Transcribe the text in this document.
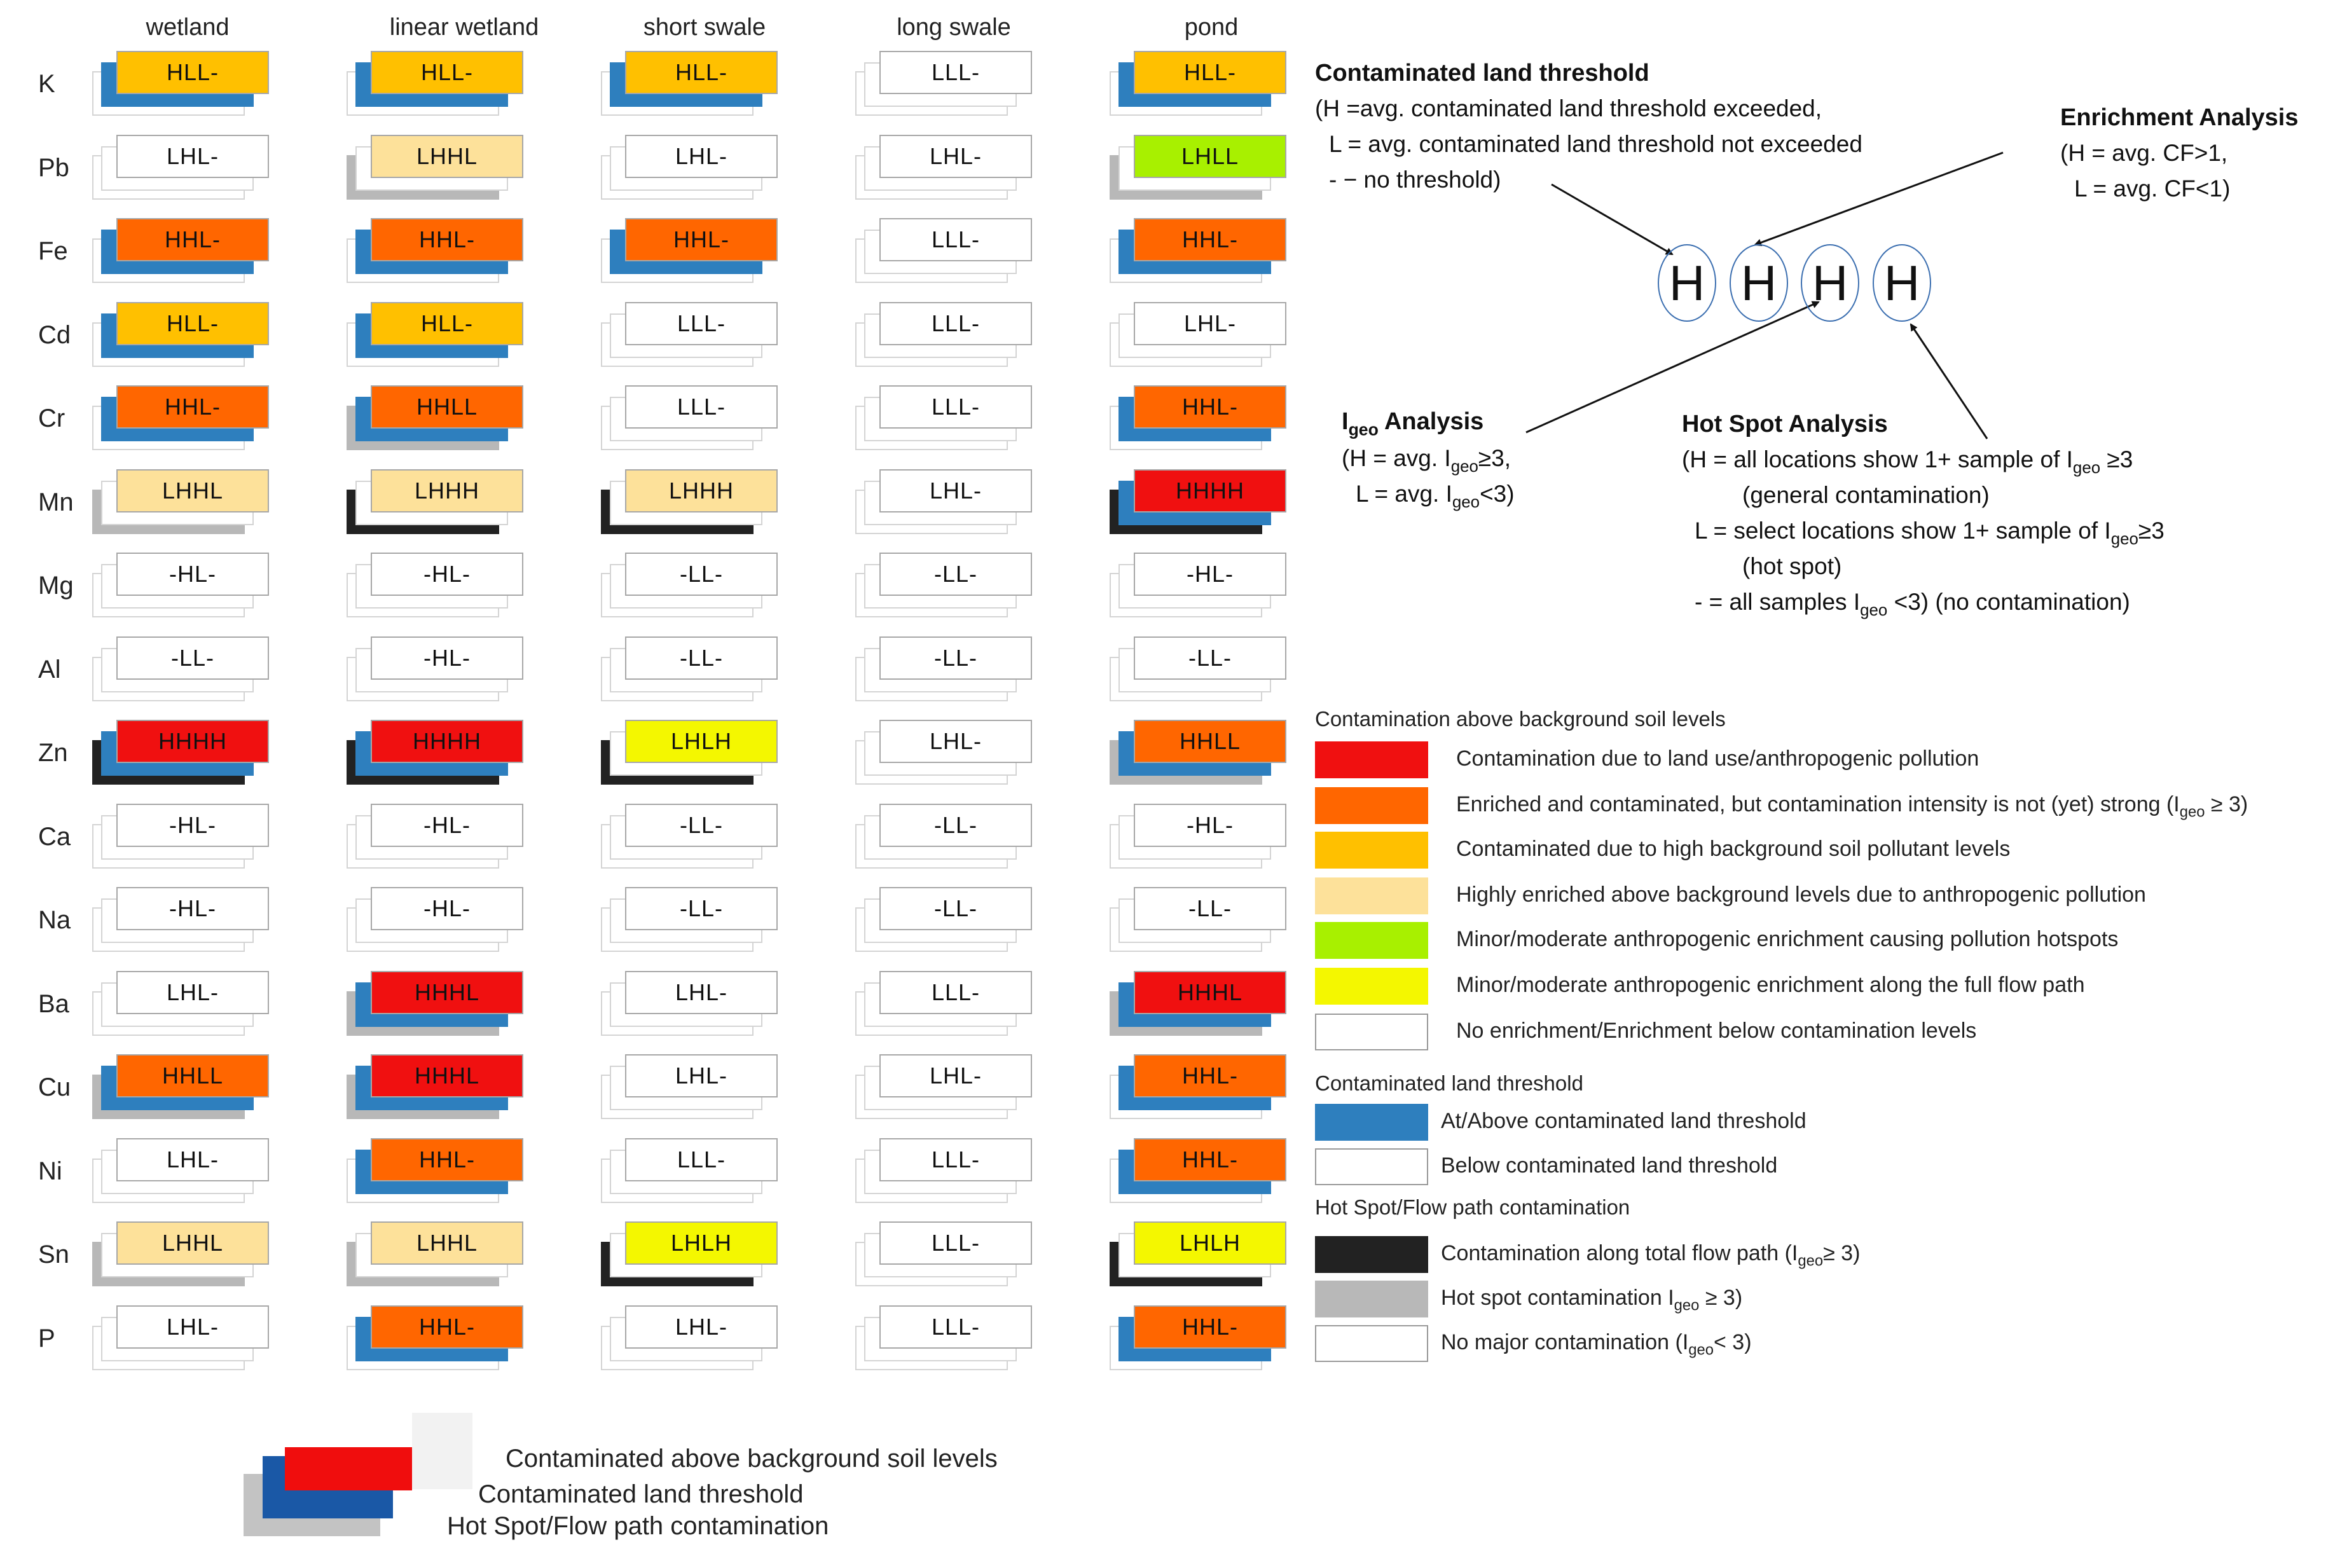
wetland	linear wetland	short swale	long swale	pond
K	HLL-	HLL-	HLL-	LLL-	HLL-
Pb	LHL-	LHHL	LHL-	LHL-	LHLL
Fe	HHL-	HHL-	HHL-	LLL-	HHL-
Cd	HLL-	HLL-	LLL-	LLL-	LHL-
Cr	HHL-	HHLL	LLL-	LLL-	HHL-
Mn	LHHL	LHHH	LHHH	LHL-	HHHH
Mg	-HL-	-HL-	-LL-	-LL-	-HL-
Al	-LL-	-HL-	-LL-	-LL-	-LL-
Zn	HHHH	HHHH	LHLH	LHL-	HHLL
Ca	-HL-	-HL-	-LL-	-LL-	-HL-
Na	-HL-	-HL-	-LL-	-LL-	-LL-
Ba	LHL-	HHHL	LHL-	LLL-	HHHL
Cu	HHLL	HHHL	LHL-	LHL-	HHL-
Ni	LHL-	HHL-	LLL-	LLL-	HHL-
Sn	LHHL	LHHL	LHLH	LLL-	LHLH
P	LHL-	HHL-	LHL-	LLL-	HHL-
H H H H
Contaminated land threshold
(H =avg. contaminated land threshold exceeded,
L = avg. contaminated land threshold not exceeded
- − no threshold)
Enrichment Analysis
(H = avg. CF>1,
L = avg. CF<1)
$I_{geo}$ Analysis
(H = avg. $I_{geo}\ge 3$,
L = avg. $I_{geo}<3$)
Hot Spot Analysis
(H = all locations show 1+ sample of $I_{geo} \ge 3$
(general contamination)
L = select locations show 1+ sample of $I_{geo}\ge 3$
(hot spot)
- = all samples $I_{geo} <3$) (no contamination)
Contamination above background soil levels
Contamination due to land use/anthropogenic pollution
Enriched and contaminated, but contamination intensity is not (yet) strong $(I_{geo} \ge 3)$
Contaminated due to high background soil pollutant levels
Highly enriched above background levels due to anthropogenic pollution
Minor/moderate anthropogenic enrichment causing pollution hotspots
Minor/moderate anthropogenic enrichment along the full flow path
No enrichment/Enrichment below contamination levels
Contaminated land threshold
At/Above contaminated land threshold
Below contaminated land threshold
Hot Spot/Flow path contamination
Contamination along total flow path $(I_{geo}\ge 3)$
Hot spot contamination $I_{geo} \ge 3$)
No major contamination $(I_{geo}< 3)$
Contaminated above background soil levels
Contaminated land threshold
Hot Spot/Flow path contamination
